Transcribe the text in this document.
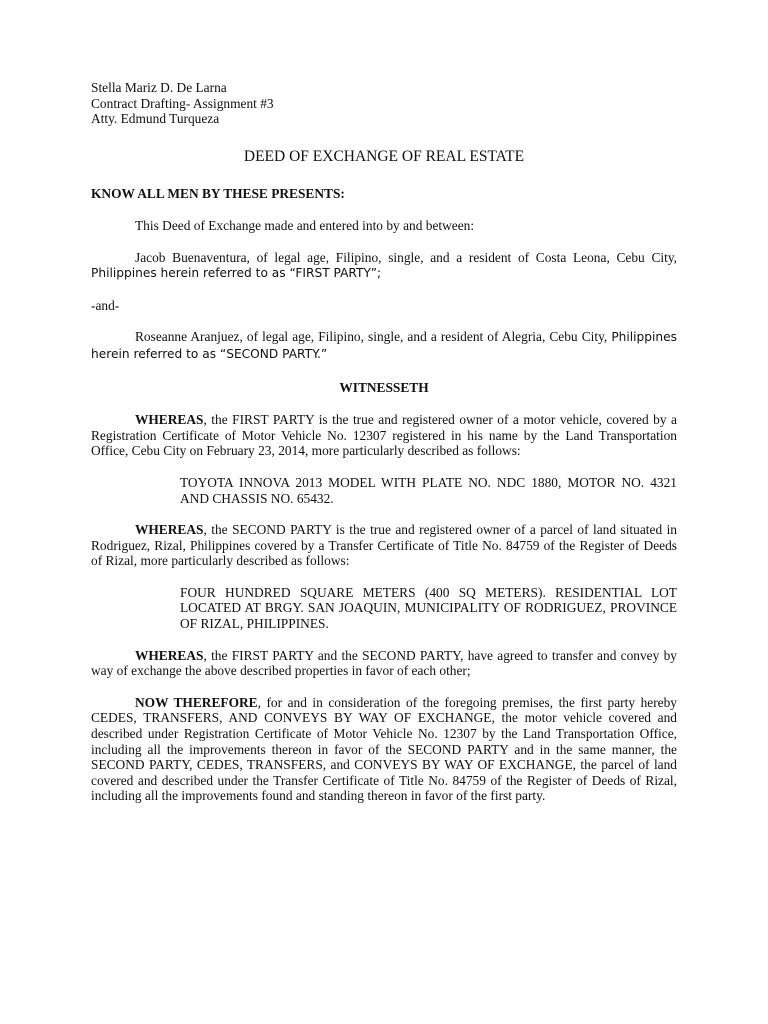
Stella Mariz D. De Larna

Contract Drafting- Assignment #3

Atty. Edmund Turqueza

DEED OF EXCHANGE OF REAL ESTATE

KNOW ALL MEN BY THESE PRESENTS:

This Deed of Exchange made and entered into by and between:

Jacob Buenaventura, of legal age, Filipino, single, and a resident of Costa Leona, Cebu City, Philippines herein referred to as “FIRST PARTY”;

-and-

Roseanne Aranjuez, of legal age, Filipino, single, and a resident of Alegria, Cebu City, Philippines herein referred to as “SECOND PARTY.”

WITNESSETH

WHEREAS, the FIRST PARTY is the true and registered owner of a motor vehicle, covered by a Registration Certificate of Motor Vehicle No. 12307 registered in his name by the Land Transportation Office, Cebu City on February 23, 2014, more particularly described as follows:

TOYOTA INNOVA 2013 MODEL WITH PLATE NO. NDC 1880, MOTOR NO. 4321 AND CHASSIS NO. 65432.

WHEREAS, the SECOND PARTY is the true and registered owner of a parcel of land situated in Rodriguez, Rizal, Philippines covered by a Transfer Certificate of Title No. 84759 of the Register of Deeds of Rizal, more particularly described as follows:

FOUR HUNDRED SQUARE METERS (400 SQ METERS). RESIDENTIAL LOT LOCATED AT BRGY. SAN JOAQUIN, MUNICIPALITY OF RODRIGUEZ, PROVINCE OF RIZAL, PHILIPPINES.

WHEREAS, the FIRST PARTY and the SECOND PARTY, have agreed to transfer and convey by way of exchange the above described properties in favor of each other;

NOW THEREFORE, for and in consideration of the foregoing premises, the first party hereby CEDES, TRANSFERS, AND CONVEYS BY WAY OF EXCHANGE, the motor vehicle covered and described under Registration Certificate of Motor Vehicle No. 12307 by the Land Transportation Office, including all the improvements thereon in favor of the SECOND PARTY and in the same manner, the SECOND PARTY, CEDES, TRANSFERS, and CONVEYS BY WAY OF EXCHANGE, the parcel of land covered and described under the Transfer Certificate of Title No. 84759 of the Register of Deeds of Rizal, including all the improvements found and standing thereon in favor of the first party.
